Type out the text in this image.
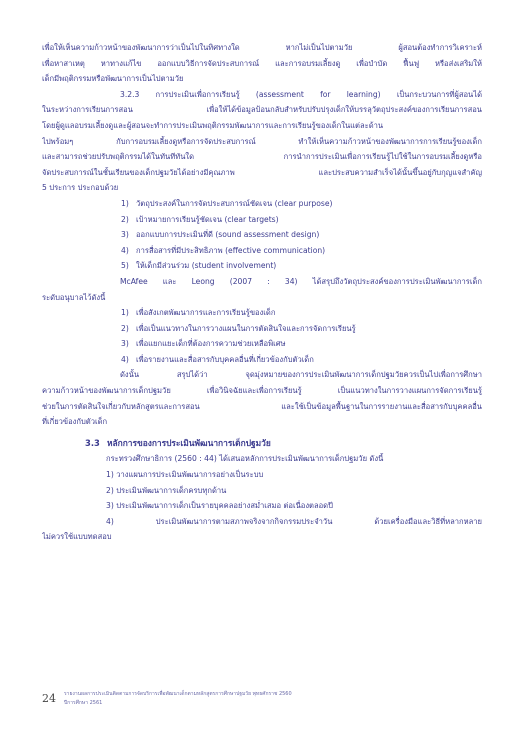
เพื่อให้เห็นความก้าวหน้าของพัฒนาการว่าเป็นไปในทิศทางใด หากไม่เป็นไปตามวัย ผู้สอนต้องทำการวิเคราะห์

เพื่อหาสาเหตุ หาทางแก้ไข ออกแบบวิธีการจัดประสบการณ์ และการอบรมเลี้ยงดู เพื่อบำบัด ฟื้นฟู หรือส่งเสริมให้

เด็กมีพฤติกรรมหรือพัฒนาการเป็นไปตามวัย

3.2.3 การประเมินเพื่อการเรียนรู้ (assessment for learning) เป็นกระบวนการที่ผู้สอนได้

ในระหว่างการเรียนการสอน เพื่อให้ได้ข้อมูลป้อนกลับสำหรับปรับปรุงเด็กให้บรรลุวัตถุประสงค์ของการเรียนการสอน

โดยผู้ดูแลอบรมเลี้ยงดูและผู้สอนจะทำการประเมินพฤติกรรมพัฒนาการและการเรียนรู้ของเด็กในแต่ละด้าน

ไปพร้อมๆ กับการอบรมเลี้ยงดูหรือการจัดประสบการณ์ ทำให้เห็นความก้าวหน้าของพัฒนาการการเรียนรู้ของเด็ก

และสามารถช่วยปรับพฤติกรรมได้ในทันทีทันใด การนำการประเมินเพื่อการเรียนรู้ไปใช้ในการอบรมเลี้ยงดูหรือ

จัดประสบการณ์ในชั้นเรียนของเด็กปฐมวัยได้อย่างมีคุณภาพ และประสบความสำเร็จได้นั้นขึ้นอยู่กับกุญแจสำคัญ

5 ประการ ประกอบด้วย

1) วัตถุประสงค์ในการจัดประสบการณ์ชัดเจน (clear purpose)
2) เป้าหมายการเรียนรู้ชัดเจน (clear targets)
3) ออกแบบการประเมินที่ดี (sound assessment design)
4) การสื่อสารที่มีประสิทธิภาพ (effective communication)
5) ให้เด็กมีส่วนร่วม (student involvement)

McAfee และ Leong (2007 : 34) ได้สรุปถึงวัตถุประสงค์ของการประเมินพัฒนาการเด็ก

ระดับอนุบาลไว้ดังนี้

1) เพื่อสังเกตพัฒนาการและการเรียนรู้ของเด็ก
2) เพื่อเป็นแนวทางในการวางแผนในการตัดสินใจและการจัดการเรียนรู้
3) เพื่อแยกแยะเด็กที่ต้องการความช่วยเหลือพิเศษ
4) เพื่อรายงานและสื่อสารกับบุคคลอื่นที่เกี่ยวข้องกับตัวเด็ก

ดังนั้น สรุปได้ว่า จุดมุ่งหมายของการประเมินพัฒนาการเด็กปฐมวัยควรเป็นไปเพื่อการศึกษา

ความก้าวหน้าของพัฒนาการเด็กปฐมวัย เพื่อวินิจฉัยและเพื่อการเรียนรู้ เป็นแนวทางในการวางแผนการจัดการเรียนรู้

ช่วยในการตัดสินใจเกี่ยวกับหลักสูตรและการสอน และใช้เป็นข้อมูลพื้นฐานในการรายงานและสื่อสารกับบุคคลอื่น

ที่เกี่ยวข้องกับตัวเด็ก

3.3 หลักการของการประเมินพัฒนาการเด็กปฐมวัย

กระทรวงศึกษาธิการ (2560 : 44) ได้เสนอหลักการประเมินพัฒนาการเด็กปฐมวัย ดังนี้

1) วางแผนการประเมินพัฒนาการอย่างเป็นระบบ

2) ประเมินพัฒนาการเด็กครบทุกด้าน

3) ประเมินพัฒนาการเด็กเป็นรายบุคคลอย่างสม่ำเสมอ ต่อเนื่องตลอดปี

4) ประเมินพัฒนาการตามสภาพจริงจากกิจกรรมประจำวัน ด้วยเครื่องมือและวิธีที่หลากหลาย

ไม่ควรใช้แบบทดสอบ

24 รายงานผลการประเมินติดตามการจัดบริการเพื่อพัฒนาเด็กตามหลักสูตรการศึกษาปฐมวัย พุทธศักราช 2560
ปีการศึกษา 2561
